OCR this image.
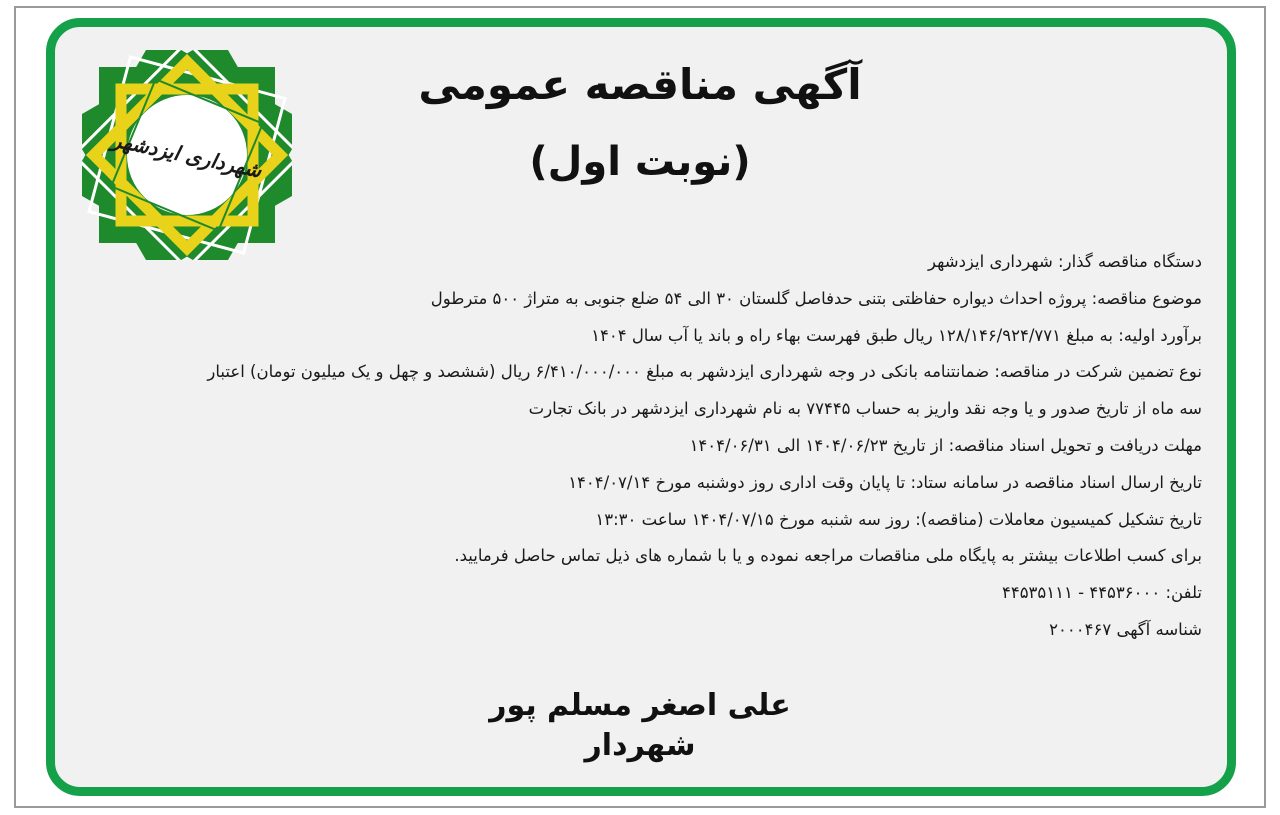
شهرداری ایزدشهر
آگهی مناقصه عمومی
(نوبت اول)
دستگاه مناقصه گذار: شهرداری ایزدشهر
موضوع مناقصه: پروژه احداث دیواره حفاظتی بتنی حدفاصل گلستان ۳۰ الی ۵۴ ضلع جنوبی به متراژ ۵۰۰ مترطول
برآورد اولیه: به مبلغ ۱۲۸/۱۴۶/۹۲۴/۷۷۱ ریال طبق فهرست بهاء راه و باند یا آب سال ۱۴۰۴
نوع تضمین شرکت در مناقصه: ضمانتنامه بانکی در وجه شهرداری ایزدشهر به مبلغ ۶/۴۱۰/۰۰۰/۰۰۰ ریال (ششصد و چهل و یک میلیون تومان) اعتبار
سه ماه از تاریخ صدور و یا وجه نقد واریز به حساب ۷۷۴۴۵ به نام شهرداری ایزدشهر در بانک تجارت
مهلت دریافت و تحویل اسناد مناقصه: از تاریخ ۱۴۰۴/۰۶/۲۳ الی ۱۴۰۴/۰۶/۳۱
تاریخ ارسال اسناد مناقصه در سامانه ستاد: تا پایان وقت اداری روز دوشنبه مورخ ۱۴۰۴/۰۷/۱۴
تاریخ تشکیل کمیسیون معاملات (مناقصه): روز سه شنبه مورخ ۱۴۰۴/۰۷/۱۵ ساعت ۱۳:۳۰
برای کسب اطلاعات بیشتر به پایگاه ملی مناقصات مراجعه نموده و یا با شماره ‌های ذیل تماس حاصل فرمایید.
تلفن: ۴۴۵۳۶۰۰۰ - ۴۴۵۳۵۱۱۱
شناسه آگهی ۲۰۰۰۴۶۷
علی اصغر مسلم پور
شهردار
